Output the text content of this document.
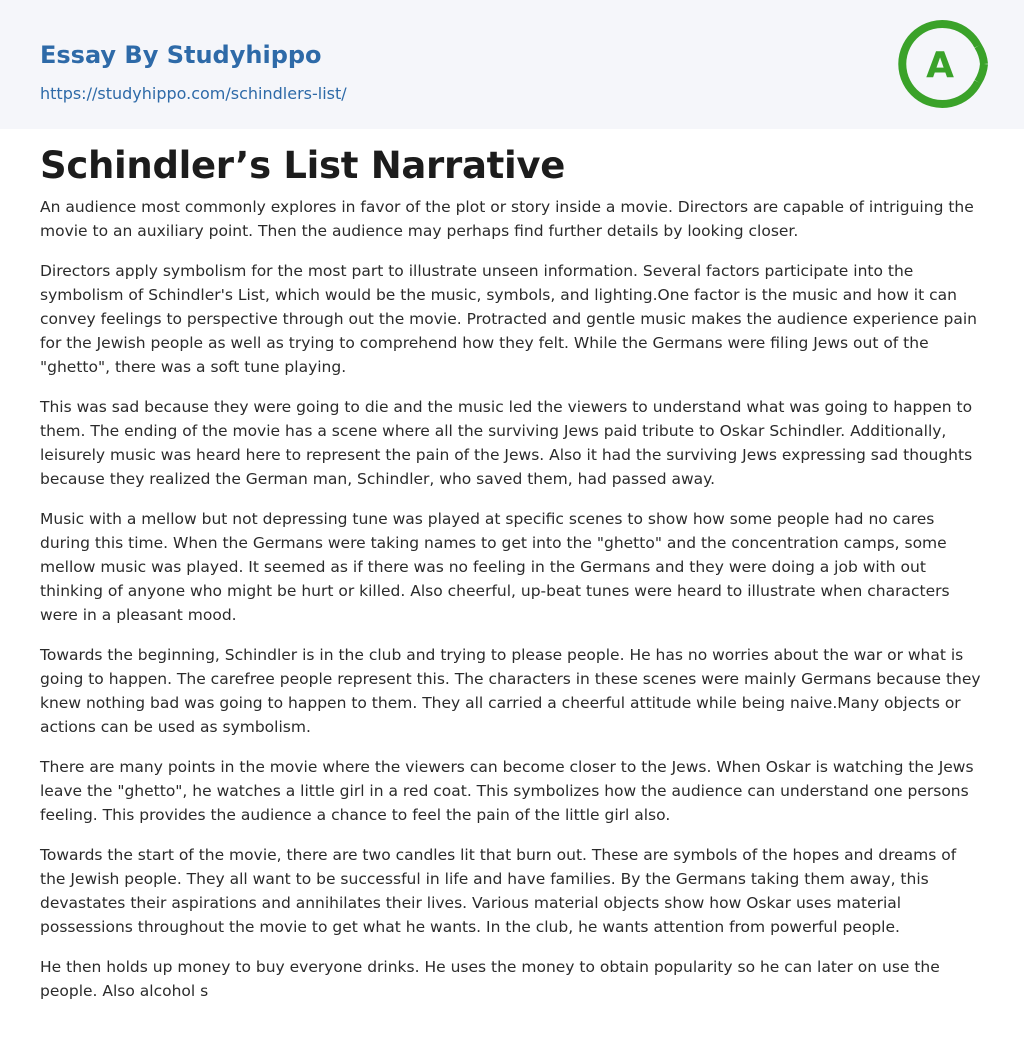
Essay By Studyhippo
https://studyhippo.com/schindlers-list/
A
Schindler’s List Narrative

An audience most commonly explores in favor of the plot or story inside a movie. Directors are capable of intriguing the movie to an auxiliary point. Then the audience may perhaps find further details by looking closer.

Directors apply symbolism for the most part to illustrate unseen information. Several factors participate into the symbolism of Schindler's List, which would be the music, symbols, and lighting.One factor is the music and how it can convey feelings to perspective through out the movie. Protracted and gentle music makes the audience experience pain for the Jewish people as well as trying to comprehend how they felt. While the Germans were filing Jews out of the "ghetto", there was a soft tune playing.

This was sad because they were going to die and the music led the viewers to understand what was going to happen to them. The ending of the movie has a scene where all the surviving Jews paid tribute to Oskar Schindler. Additionally, leisurely music was heard here to represent the pain of the Jews. Also it had the surviving Jews expressing sad thoughts because they realized the German man, Schindler, who saved them, had passed away.

Music with a mellow but not depressing tune was played at specific scenes to show how some people had no cares during this time. When the Germans were taking names to get into the "ghetto" and the concentration camps, some mellow music was played. It seemed as if there was no feeling in the Germans and they were doing a job with out thinking of anyone who might be hurt or killed. Also cheerful, up-beat tunes were heard to illustrate when characters were in a pleasant mood.

Towards the beginning, Schindler is in the club and trying to please people. He has no worries about the war or what is going to happen. The carefree people represent this. The characters in these scenes were mainly Germans because they knew nothing bad was going to happen to them. They all carried a cheerful attitude while being naive.Many objects or actions can be used as symbolism.

There are many points in the movie where the viewers can become closer to the Jews. When Oskar is watching the Jews leave the "ghetto", he watches a little girl in a red coat. This symbolizes how the audience can understand one persons feeling. This provides the audience a chance to feel the pain of the little girl also.

Towards the start of the movie, there are two candles lit that burn out. These are symbols of the hopes and dreams of the Jewish people. They all want to be successful in life and have families. By the Germans taking them away, this devastates their aspirations and annihilates their lives. Various material objects show how Oskar uses material possessions throughout the movie to get what he wants. In the club, he wants attention from powerful people.

He then holds up money to buy everyone drinks. He uses the money to obtain popularity so he can later on use the people. Also alcohol s
